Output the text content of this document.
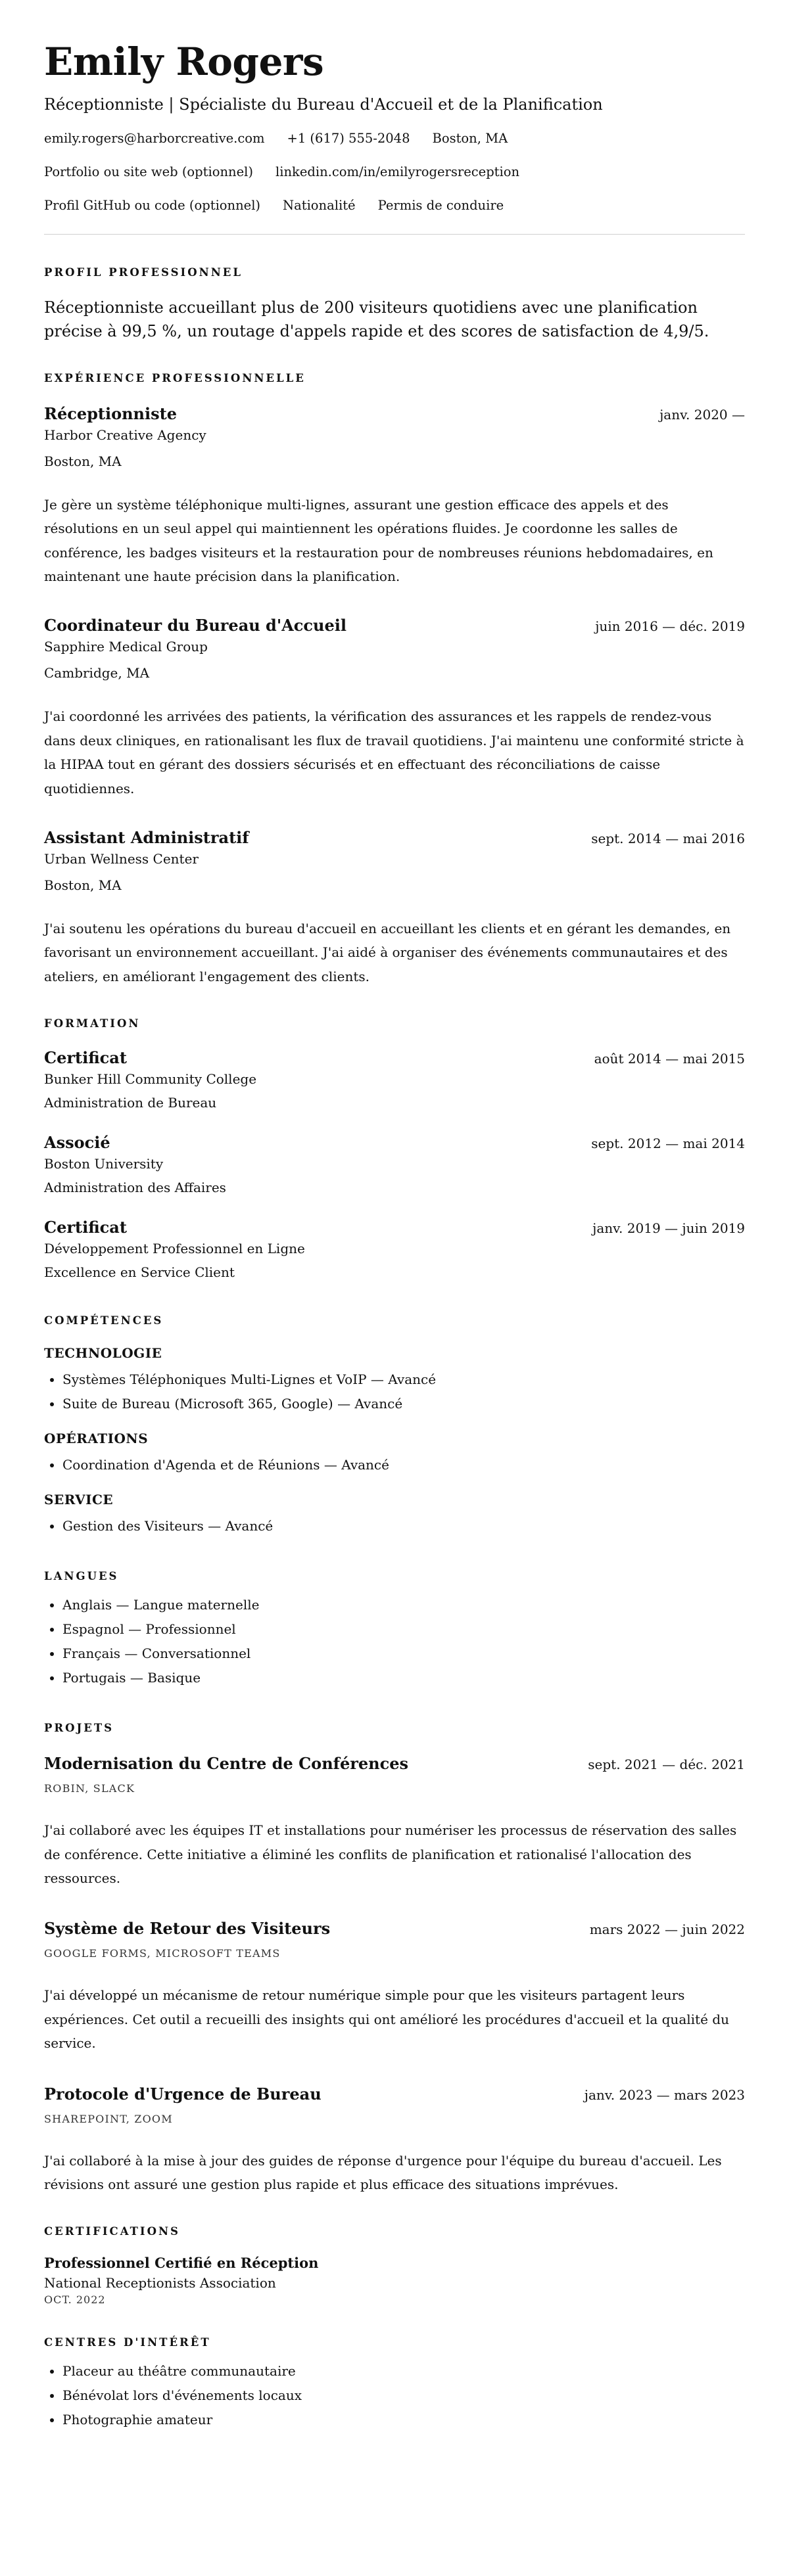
Emily Rogers
Réceptionniste | Spécialiste du Bureau d'Accueil et de la Planification
emily.rogers@harborcreative.com +1 (617) 555-2048 Boston, MA
Portfolio ou site web (optionnel) linkedin.com/in/emilyrogersreception
Profil GitHub ou code (optionnel) Nationalité Permis de conduire
PROFIL PROFESSIONNEL
Réceptionniste accueillant plus de 200 visiteurs quotidiens avec une planification précise à 99,5 %, un routage d'appels rapide et des scores de satisfaction de 4,9/5.
EXPÉRIENCE PROFESSIONNELLE
Réceptionniste	janv. 2020 —
Harbor Creative Agency
Boston, MA
Je gère un système téléphonique multi-lignes, assurant une gestion efficace des appels et des résolutions en un seul appel qui maintiennent les opérations fluides. Je coordonne les salles de conférence, les badges visiteurs et la restauration pour de nombreuses réunions hebdomadaires, en maintenant une haute précision dans la planification.
Coordinateur du Bureau d'Accueil	juin 2016 — déc. 2019
Sapphire Medical Group
Cambridge, MA
J'ai coordonné les arrivées des patients, la vérification des assurances et les rappels de rendez-vous dans deux cliniques, en rationalisant les flux de travail quotidiens. J'ai maintenu une conformité stricte à la HIPAA tout en gérant des dossiers sécurisés et en effectuant des réconciliations de caisse quotidiennes.
Assistant Administratif	sept. 2014 — mai 2016
Urban Wellness Center
Boston, MA
J'ai soutenu les opérations du bureau d'accueil en accueillant les clients et en gérant les demandes, en favorisant un environnement accueillant. J'ai aidé à organiser des événements communautaires et des ateliers, en améliorant l'engagement des clients.
FORMATION
Certificat	août 2014 — mai 2015
Bunker Hill Community College
Administration de Bureau
Associé	sept. 2012 — mai 2014
Boston University
Administration des Affaires
Certificat	janv. 2019 — juin 2019
Développement Professionnel en Ligne
Excellence en Service Client
COMPÉTENCES
TECHNOLOGIE
• Systèmes Téléphoniques Multi-Lignes et VoIP — Avancé
• Suite de Bureau (Microsoft 365, Google) — Avancé
OPÉRATIONS
• Coordination d'Agenda et de Réunions — Avancé
SERVICE
• Gestion des Visiteurs — Avancé
LANGUES
• Anglais — Langue maternelle
• Espagnol — Professionnel
• Français — Conversationnel
• Portugais — Basique
PROJETS
Modernisation du Centre de Conférences	sept. 2021 — déc. 2021
ROBIN, SLACK
J'ai collaboré avec les équipes IT et installations pour numériser les processus de réservation des salles de conférence. Cette initiative a éliminé les conflits de planification et rationalisé l'allocation des ressources.
Système de Retour des Visiteurs	mars 2022 — juin 2022
GOOGLE FORMS, MICROSOFT TEAMS
J'ai développé un mécanisme de retour numérique simple pour que les visiteurs partagent leurs expériences. Cet outil a recueilli des insights qui ont amélioré les procédures d'accueil et la qualité du service.
Protocole d'Urgence de Bureau	janv. 2023 — mars 2023
SHAREPOINT, ZOOM
J'ai collaboré à la mise à jour des guides de réponse d'urgence pour l'équipe du bureau d'accueil. Les révisions ont assuré une gestion plus rapide et plus efficace des situations imprévues.
CERTIFICATIONS
Professionnel Certifié en Réception
National Receptionists Association
OCT. 2022
CENTRES D'INTÉRÊT
• Placeur au théâtre communautaire
• Bénévolat lors d'événements locaux
• Photographie amateur
